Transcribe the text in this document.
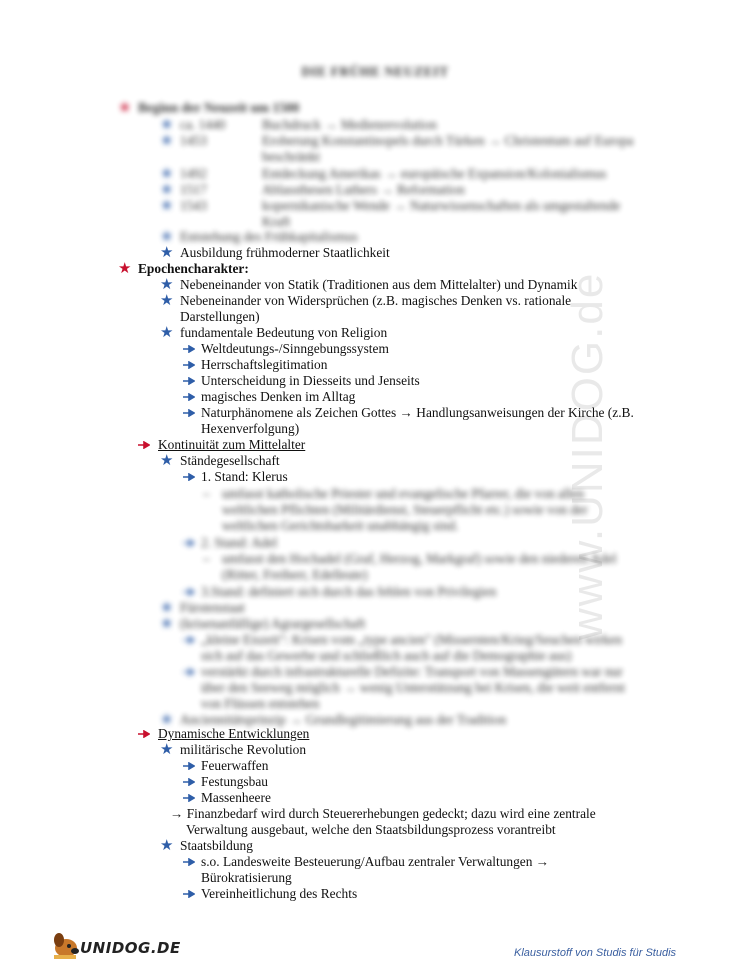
www.UNIDOG.de
DIE FRÜHE NEUZEIT
★ Beginn der Neuzeit um 1500
★ ca. 1440	Buchdruck → Medienrevolution
★ 1453	Eroberung Konstantinopels durch Türken → Christentum auf Europa
beschränkt
★ 1492	Entdeckung Amerikas → europäische Expansion/Kolonialismus
★ 1517	Ablassthesen Luthers → Reformation
★ 1543	kopernikanische Wende → Naturwissenschaften als umgestaltende
Kraft
★ Entstehung des Frühkapitalismus
★ Ausbildung frühmoderner Staatlichkeit
★ Epochencharakter:
★ Nebeneinander von Statik (Traditionen aus dem Mittelalter) und Dynamik
★ Nebeneinander von Widersprüchen (z.B. magisches Denken vs. rationale
Darstellungen)
★ fundamentale Bedeutung von Religion
Weltdeutungs-/Sinngebungssystem
Herrschaftslegitimation
Unterscheidung in Diesseits und Jenseits
magisches Denken im Alltag
Naturphänomene als Zeichen Gottes → Handlungsanweisungen der Kirche (z.B.
Hexenverfolgung)
Kontinuität zum Mittelalter
★ Ständegesellschaft
1. Stand: Klerus
– umfasst katholische Priester und evangelische Pfarrer, die von allen
weltlichen Pflichten (Militärdienst, Steuerpflicht etc.) sowie von der
weltlichen Gerichtsbarkeit unabhängig sind.
2. Stand: Adel
– umfasst den Hochadel (Graf, Herzog, Markgraf) sowie den niederen Adel
(Ritter, Freiherr, Edelleute)
3.Stand: definiert sich durch das fehlen von Privilegien
★ Fürstenstaat
★ (krisenanfällige) Agrargesellschaft
„kleine Eiszeit": Krisen vom „type ancien" (Missernten/Krieg/Seuchen wirken
sich auf das Gewerbe und schließlich auch auf die Demographie aus)
verstärkt durch infrastrukturelle Defizite: Transport von Massengütern war nur
über den Seeweg möglich → wenig Unterstützung bei Krisen, die weit entfernt
von Flüssen entstehen
★ Anciennitätsprinzip → Grundlegitimierung aus der Tradition
Dynamische Entwicklungen
★ militärische Revolution
Feuerwaffen
Festungsbau
Massenheere
→ Finanzbedarf wird durch Steuererhebungen gedeckt; dazu wird eine zentrale
Verwaltung ausgebaut, welche den Staatsbildungsprozess vorantreibt
★ Staatsbildung
s.o. Landesweite Besteuerung/Aufbau zentraler Verwaltungen →
Bürokratisierung
Vereinheitlichung des Rechts
UNIDOG.DE	Klausurstoff von Studis für Studis
